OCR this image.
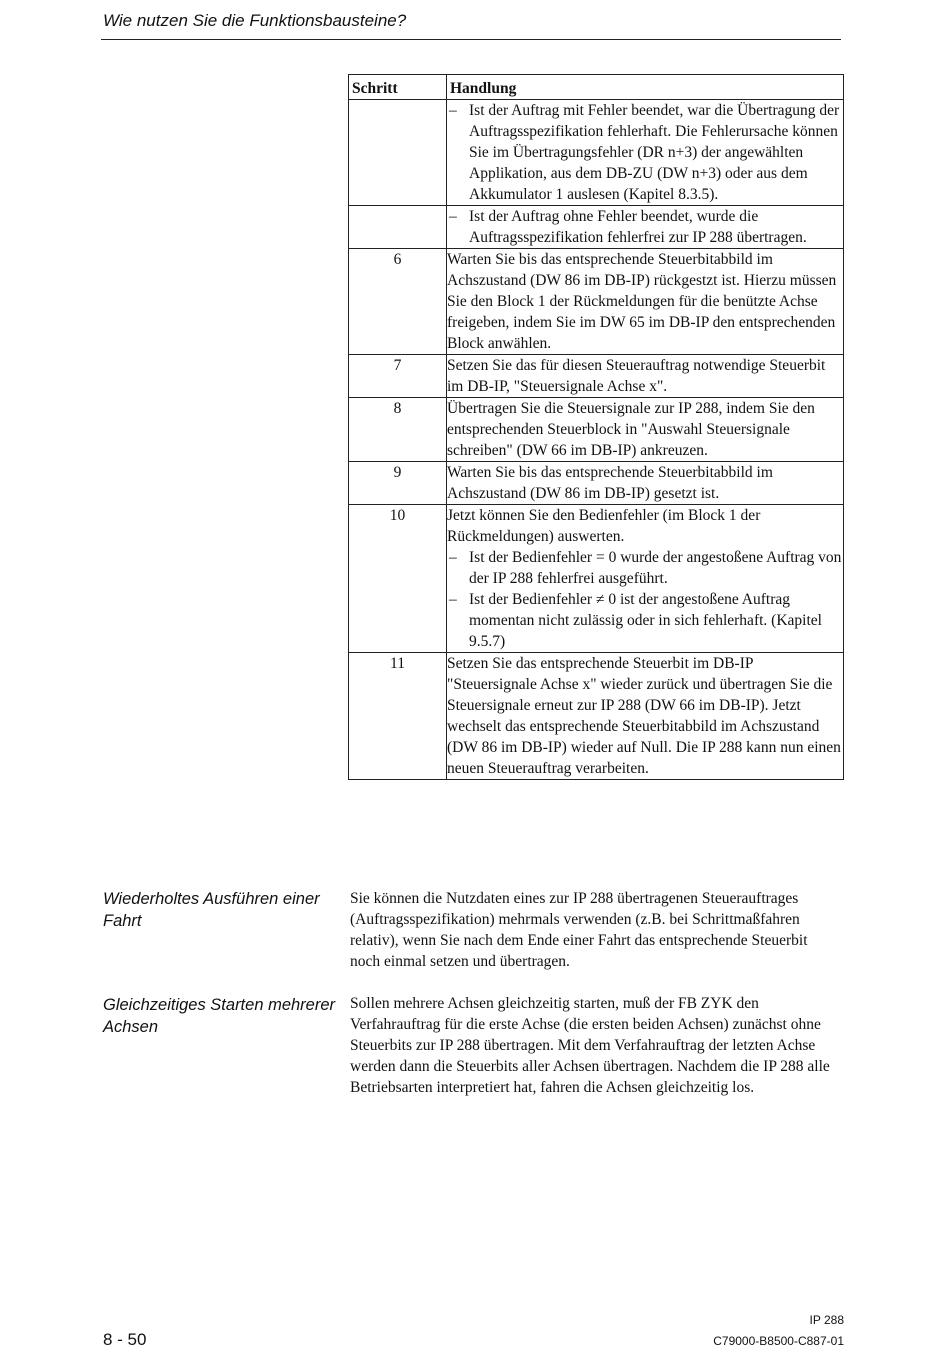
Wie nutzen Sie die Funktionsbausteine?
Schritt	Handlung

	– Ist der Auftrag mit Fehler beendet, war die Übertragung der Auftragsspezifikation fehlerhaft. Die Fehlerursache können Sie im Übertragungsfehler (DR n+3) der angewählten Applikation, aus dem DB-ZU (DW n+3) oder aus dem Akkumulator 1 auslesen (Kapitel 8.3.5).

	– Ist der Auftrag ohne Fehler beendet, wurde die Auftragsspezifikation fehlerfrei zur IP 288 übertragen.

6	Warten Sie bis das entsprechende Steuerbitabbild im Achszustand (DW 86 im DB-IP) rückgestzt ist. Hierzu müssen Sie den Block 1 der Rückmeldungen für die benützte Achse freigeben, indem Sie im DW 65 im DB-IP den entsprechenden Block anwählen.

7	Setzen Sie das für diesen Steuerauftrag notwendige Steuerbit im DB-IP, "Steuersignale Achse x".

8	Übertragen Sie die Steuersignale zur IP 288, indem Sie den entsprechenden Steuerblock in "Auswahl Steuersignale schreiben" (DW 66 im DB-IP) ankreuzen.

9	Warten Sie bis das entsprechende Steuerbitabbild im Achszustand (DW 86 im DB-IP) gesetzt ist.

10	Jetzt können Sie den Bedienfehler (im Block 1 der Rückmeldungen) auswerten.
– Ist der Bedienfehler = 0 wurde der angestoßene Auftrag von der IP 288 fehlerfrei ausgeführt.
– Ist der Bedienfehler ≠ 0 ist der angestoßene Auftrag momentan nicht zulässig oder in sich fehlerhaft. (Kapitel 9.5.7)

11	Setzen Sie das entsprechende Steuerbit im DB-IP "Steuersignale Achse x" wieder zurück und übertragen Sie die Steuersignale erneut zur IP 288 (DW 66 im DB-IP). Jetzt wechselt das entsprechende Steuerbitabbild im Achszustand (DW 86 im DB-IP) wieder auf Null. Die IP 288 kann nun einen neuen Steuerauftrag verarbeiten.
Wiederholtes Ausführen einer Fahrt
Sie können die Nutzdaten eines zur IP 288 übertragenen Steuerauftrages (Auftragsspezifikation) mehrmals verwenden (z.B. bei Schrittmaßfahren relativ), wenn Sie nach dem Ende einer Fahrt das entsprechende Steuerbit noch einmal setzen und übertragen.
Gleichzeitiges Starten mehrerer Achsen
Sollen mehrere Achsen gleichzeitig starten, muß der FB ZYK den Verfahrauftrag für die erste Achse (die ersten beiden Achsen) zunächst ohne Steuerbits zur IP 288 übertragen. Mit dem Verfahrauftrag der letzten Achse werden dann die Steuerbits aller Achsen übertragen. Nachdem die IP 288 alle Betriebsarten interpretiert hat, fahren die Achsen gleichzeitig los.
8 - 50
IP 288
C79000-B8500-C887-01
